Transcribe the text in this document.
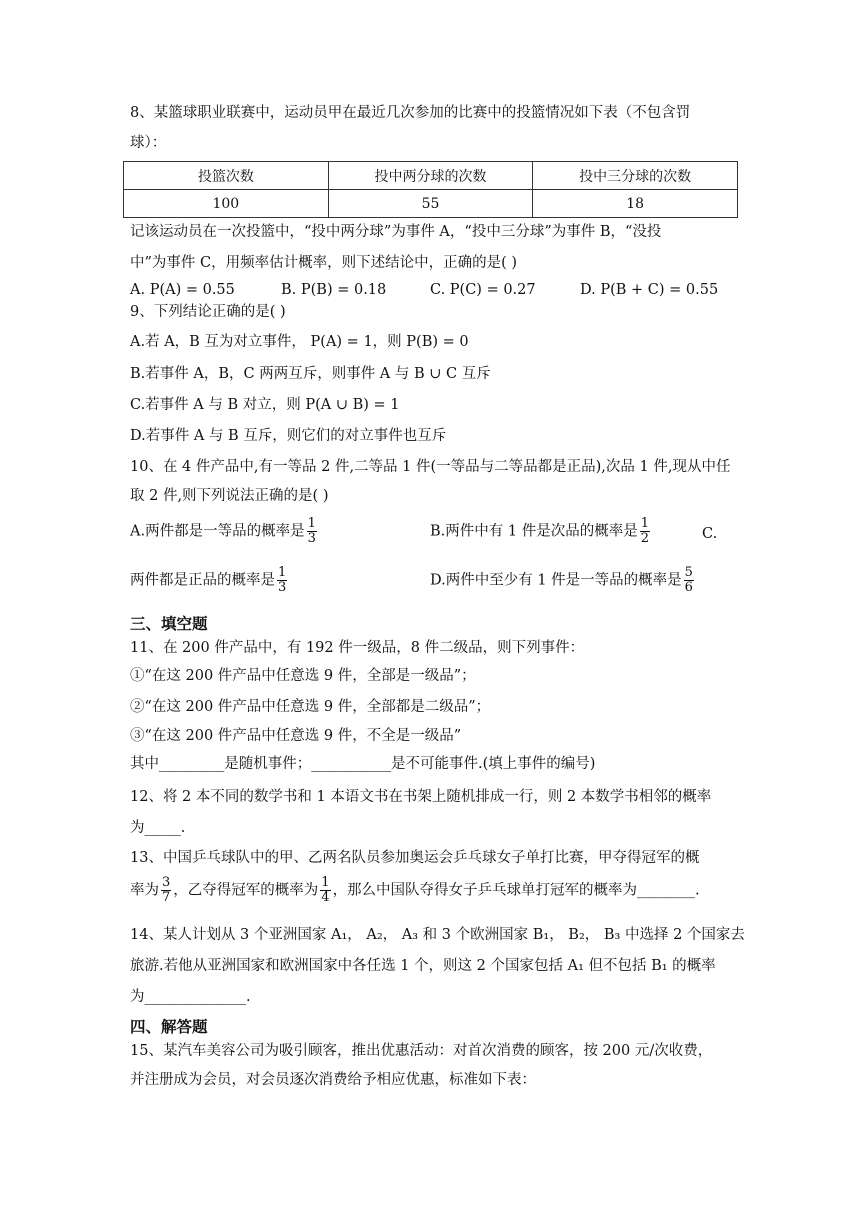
8、某篮球职业联赛中，运动员甲在最近几次参加的比赛中的投篮情况如下表（不包含罚
球）：
投篮次数	投中两分球的次数	投中三分球的次数
100	55	18
记该运动员在一次投篮中，“投中两分球”为事件 A，“投中三分球”为事件 B，“没投
中”为事件 C，用频率估计概率，则下述结论中，正确的是( )
A. P(A) = 0.55	B. P(B) = 0.18	C. P(C) = 0.27	D. P(B + C) = 0.55
9、下列结论正确的是( )
A.若 A，B 互为对立事件， P(A) = 1，则 P(B) = 0
B.若事件 A，B，C 两两互斥，则事件 A 与 B ∪ C 互斥
C.若事件 A 与 B 对立，则 P(A ∪ B) = 1
D.若事件 A 与 B 互斥，则它们的对立事件也互斥
10、在 4 件产品中,有一等品 2 件,二等品 1 件(一等品与二等品都是正品),次品 1 件,现从中任
取 2 件,则下列说法正确的是( )
A.两件都是一等品的概率是 $\frac{1}{3}$	B.两件中有 1 件是次品的概率是 $\frac{1}{2}$	C.
两件都是正品的概率是 $\frac{1}{3}$	D.两件中至少有 1 件是一等品的概率是 $\frac{5}{6}$
三、填空题
11、在 200 件产品中，有 192 件一级品，8 件二级品，则下列事件：
①“在这 200 件产品中任意选 9 件，全部是一级品”；
②“在这 200 件产品中任意选 9 件，全部都是二级品”；
③“在这 200 件产品中任意选 9 件，不全是一级品”
其中_________是随机事件；___________是不可能事件.(填上事件的编号)
12、将 2 本不同的数学书和 1 本语文书在书架上随机排成一行，则 2 本数学书相邻的概率
为_____.
13、中国乒乓球队中的甲、乙两名队员参加奥运会乒乓球女子单打比赛，甲夺得冠军的概
率为 $\frac{3}{7}$ ，乙夺得冠军的概率为 $\frac{1}{4}$ ，那么中国队夺得女子乒乓球单打冠军的概率为________.
14、某人计划从 3 个亚洲国家 A₁， A₂， A₃ 和 3 个欧洲国家 B₁， B₂， B₃ 中选择 2 个国家去
旅游.若他从亚洲国家和欧洲国家中各任选 1 个，则这 2 个国家包括 A₁ 但不包括 B₁ 的概率
为______________.
四、解答题
15、某汽车美容公司为吸引顾客，推出优惠活动：对首次消费的顾客，按 200 元/次收费，
并注册成为会员，对会员逐次消费给予相应优惠，标准如下表：
